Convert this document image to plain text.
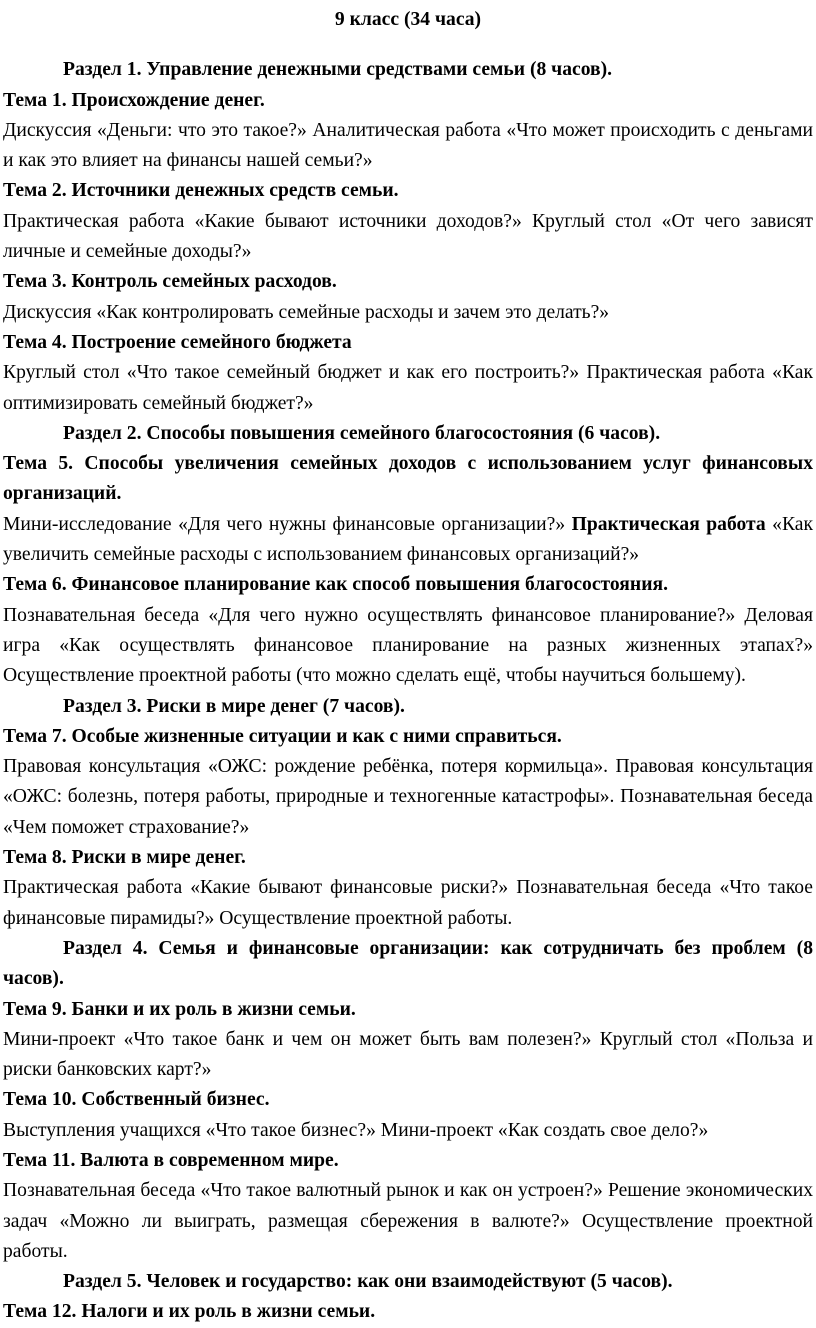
9 класс (34 часа)

Раздел 1. Управление денежными средствами семьи (8 часов).

Тема 1. Происхождение денег.

Дискуссия «Деньги: что это такое?» Аналитическая работа «Что может происходить с деньгами и как это влияет на финансы нашей семьи?»

Тема 2. Источники денежных средств семьи.

Практическая работа «Какие бывают источники доходов?» Круглый стол «От чего зависят личные и семейные доходы?»

Тема 3. Контроль семейных расходов.

Дискуссия «Как контролировать семейные расходы и зачем это делать?»

Тема 4. Построение семейного бюджета

Круглый стол «Что такое семейный бюджет и как его построить?» Практическая работа «Как оптимизировать семейный бюджет?»

Раздел 2. Способы повышения семейного благосостояния (6 часов).

Тема 5. Способы увеличения семейных доходов с использованием услуг финансовых организаций.

Мини-исследование «Для чего нужны финансовые организации?» Практическая работа «Как увеличить семейные расходы с использованием финансовых организаций?»

Тема 6. Финансовое планирование как способ повышения благосостояния.

Познавательная беседа «Для чего нужно осуществлять финансовое планирование?» Деловая игра «Как осуществлять финансовое планирование на разных жизненных этапах?» Осуществление проектной работы (что можно сделать ещё, чтобы научиться большему).

Раздел 3. Риски в мире денег (7 часов).

Тема 7. Особые жизненные ситуации и как с ними справиться.

Правовая консультация «ОЖС: рождение ребёнка, потеря кормильца». Правовая консультация «ОЖС: болезнь, потеря работы, природные и техногенные катастрофы». Познавательная беседа «Чем поможет страхование?»

Тема 8. Риски в мире денег.

Практическая работа «Какие бывают финансовые риски?» Познавательная беседа «Что такое финансовые пирамиды?» Осуществление проектной работы.

Раздел 4. Семья и финансовые организации: как сотрудничать без проблем (8 часов).

Тема 9. Банки и их роль в жизни семьи.

Мини-проект «Что такое банк и чем он может быть вам полезен?» Круглый стол «Польза и риски банковских карт?»

Тема 10. Собственный бизнес.

Выступления учащихся «Что такое бизнес?» Мини-проект «Как создать свое дело?»

Тема 11. Валюта в современном мире.

Познавательная беседа «Что такое валютный рынок и как он устроен?» Решение экономических задач «Можно ли выиграть, размещая сбережения в валюте?» Осуществление проектной работы.

Раздел 5. Человек и государство: как они взаимодействуют (5 часов).

Тема 12. Налоги и их роль в жизни семьи.
